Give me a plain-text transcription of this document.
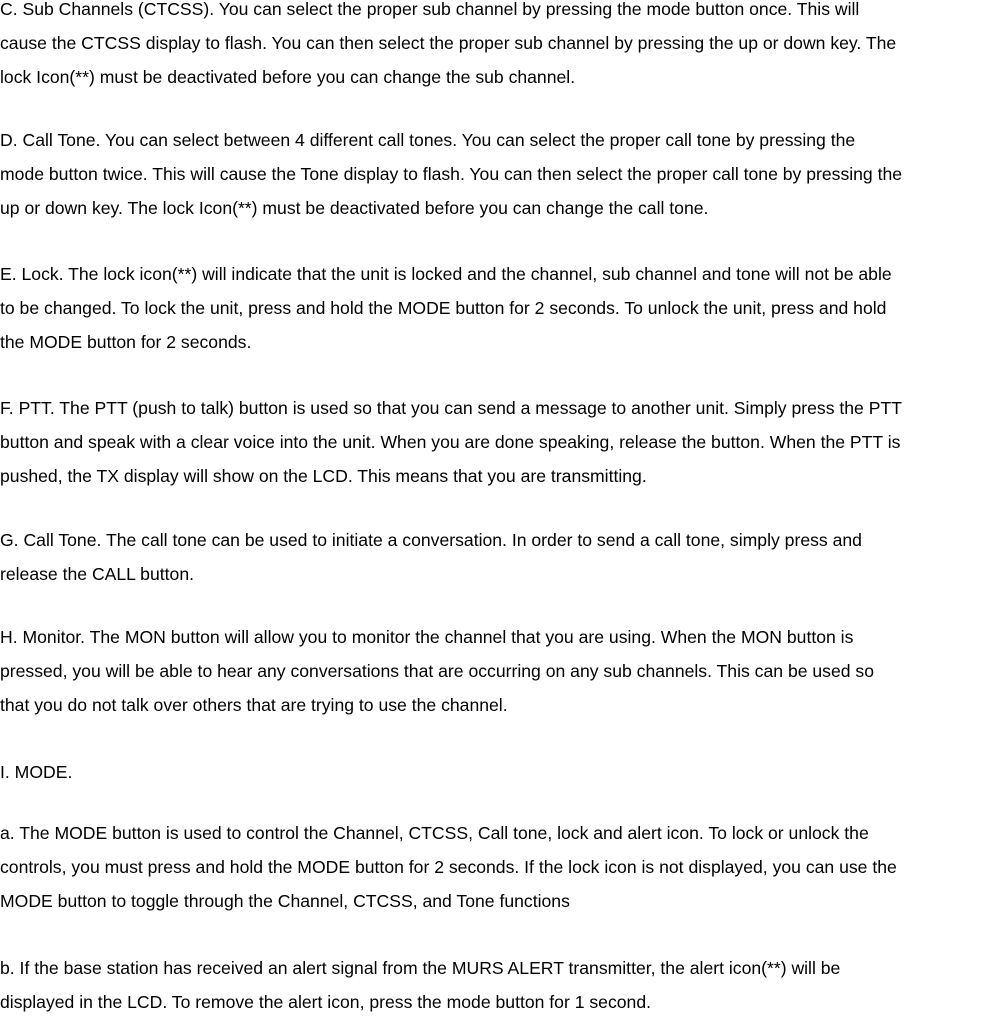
C. Sub Channels (CTCSS). You can select the proper sub channel by pressing the mode button once. This will
cause the CTCSS display to flash. You can then select the proper sub channel by pressing the up or down key. The
lock Icon(**) must be deactivated before you can change the sub channel.

D. Call Tone. You can select between 4 different call tones. You can select the proper call tone by pressing the
mode button twice. This will cause the Tone display to flash. You can then select the proper call tone by pressing the
up or down key. The lock Icon(**) must be deactivated before you can change the call tone.

E. Lock. The lock icon(**) will indicate that the unit is locked and the channel, sub channel and tone will not be able
to be changed. To lock the unit, press and hold the MODE button for 2 seconds. To unlock the unit, press and hold
the MODE button for 2 seconds.

F. PTT. The PTT (push to talk) button is used so that you can send a message to another unit. Simply press the PTT
button and speak with a clear voice into the unit. When you are done speaking, release the button. When the PTT is
pushed, the TX display will show on the LCD. This means that you are transmitting.

G. Call Tone. The call tone can be used to initiate a conversation. In order to send a call tone, simply press and
release the CALL button.

H. Monitor. The MON button will allow you to monitor the channel that you are using. When the MON button is
pressed, you will be able to hear any conversations that are occurring on any sub channels. This can be used so
that you do not talk over others that are trying to use the channel.

I. MODE.

a. The MODE button is used to control the Channel, CTCSS, Call tone, lock and alert icon. To lock or unlock the
controls, you must press and hold the MODE button for 2 seconds. If the lock icon is not displayed, you can use the
MODE button to toggle through the Channel, CTCSS, and Tone functions

b. If the base station has received an alert signal from the MURS ALERT transmitter, the alert icon(**) will be
displayed in the LCD. To remove the alert icon, press the mode button for 1 second.
